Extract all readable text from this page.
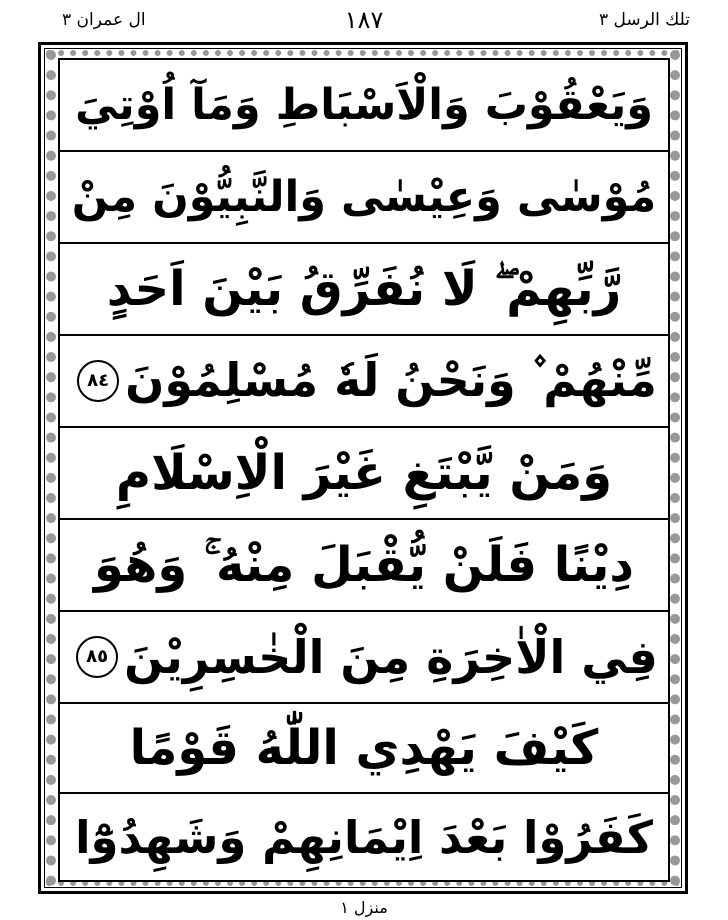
ال عمران ٣	١٨٧	تلك الرسل ٣
وَيَعْقُوْبَ وَالْاَسْبَاطِ وَمَآ اُوْتِيَ
مُوْسٰى وَعِيْسٰى وَالنَّبِيُّوْنَ مِنْ
رَّبِّهِمْ ۖ لَا نُفَرِّقُ بَيْنَ اَحَدٍ
مِّنْهُمْ ۫ وَنَحْنُ لَهٗ مُسْلِمُوْنَ
٨٤
وَمَنْ يَّبْتَغِ غَيْرَ الْاِسْلَامِ
دِيْنًا فَلَنْ يُّقْبَلَ مِنْهُ ۚ وَهُوَ
فِي الْاٰخِرَةِ مِنَ الْخٰسِرِيْنَ
٨٥
كَيْفَ يَهْدِي اللّٰهُ قَوْمًا
كَفَرُوْا بَعْدَ اِيْمَانِهِمْ وَشَهِدُوْٓا
منزل ١
